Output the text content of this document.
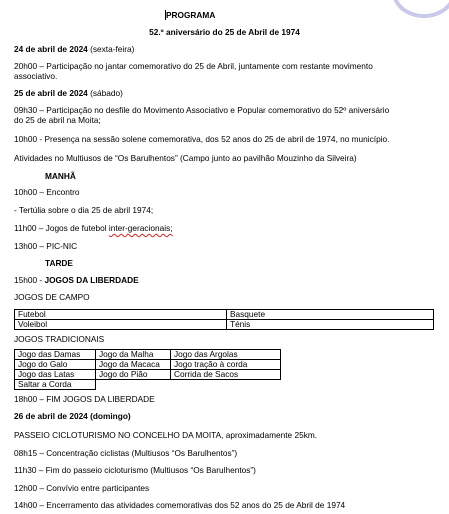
PROGRAMA
52.º aniversário do 25 de Abril de 1974
24 de abril de 2024 (sexta-feira)
20h00 – Participação no jantar comemorativo do 25 de Abril, juntamente com restante movimento
associativo.
25 de abril de 2024 (sábado)
09h30 – Participação no desfile do Movimento Associativo e Popular comemorativo do 52º aniversário
do 25 de abril na Moita;
10h00 - Presença na sessão solene comemorativa, dos 52 anos do 25 de abril de 1974, no município.
Atividades no Multiusos de “Os Barulhentos” (Campo junto ao pavilhão Mouzinho da Silveira)
MANHÃ
10h00 – Encontro
- Tertúlia sobre o dia 25 de abril 1974;
11h00 – Jogos de futebol inter-geracionais;
13h00 – PIC-NIC
TARDE
15h00 - JOGOS DA LIBERDADE
JOGOS DE CAMPO
Futebol	Basquete
Voleibol	Ténis
JOGOS TRADICIONAIS
Jogo das Damas	Jogo da Malha	Jogo das Argolas
Jogo do Galo	Jogo da Macaca	Jogo tração à corda
Jogo das Latas	Jogo do Pião	Corrida de Sacos
Saltar a Corda		
18h00 – FIM JOGOS DA LIBERDADE
26 de abril de 2024 (domingo)
PASSEIO CICLOTURISMO NO CONCELHO DA MOITA, aproximadamente 25km.
08h15 – Concentração ciclistas (Multiusos “Os Barulhentos”)
11h30 – Fim do passeio cicloturismo (Multiusos “Os Barulhentos”)
12h00 – Convívio entre participantes
14h00 – Encerramento das atividades comemorativas dos 52 anos do 25 de Abril de 1974
